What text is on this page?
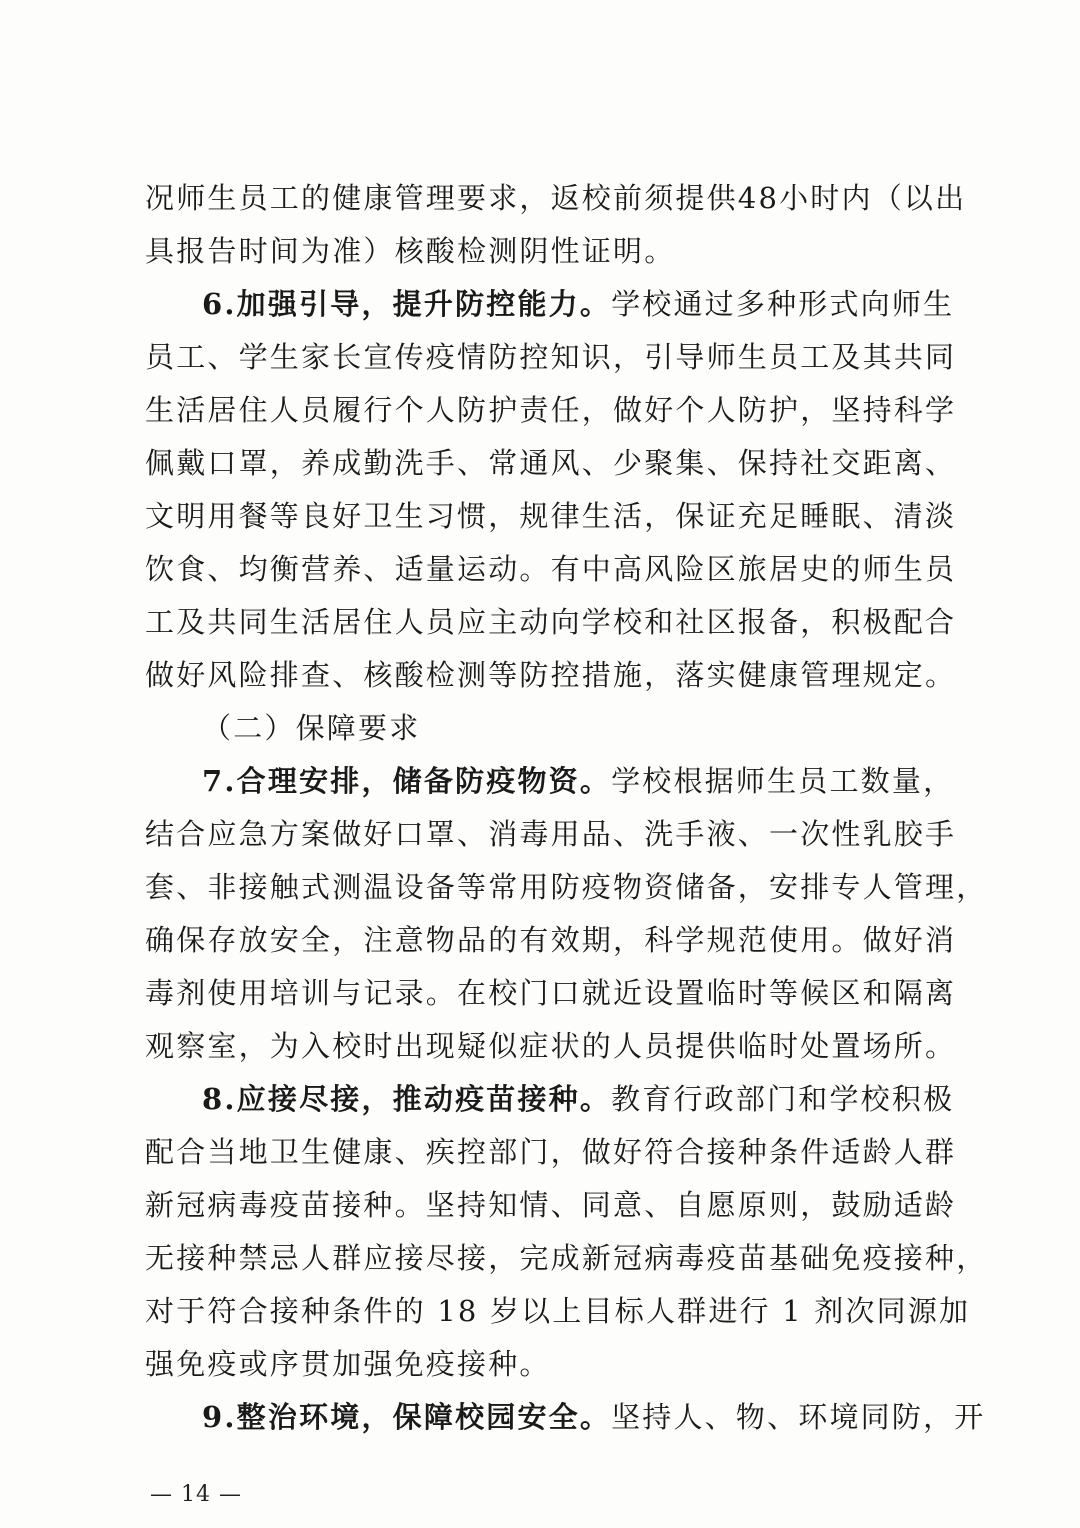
况师生员工的健康管理要求，返校前须提供48小时内（以出
具报告时间为准）核酸检测阴性证明。
6.加强引导，提升防控能力。学校通过多种形式向师生
员工、学生家长宣传疫情防控知识，引导师生员工及其共同
生活居住人员履行个人防护责任，做好个人防护，坚持科学
佩戴口罩，养成勤洗手、常通风、少聚集、保持社交距离、
文明用餐等良好卫生习惯，规律生活，保证充足睡眠、清淡
饮食、均衡营养、适量运动。有中高风险区旅居史的师生员
工及共同生活居住人员应主动向学校和社区报备，积极配合
做好风险排查、核酸检测等防控措施，落实健康管理规定。
（二）保障要求
7.合理安排，储备防疫物资。学校根据师生员工数量，
结合应急方案做好口罩、消毒用品、洗手液、一次性乳胶手
套、非接触式测温设备等常用防疫物资储备，安排专人管理，
确保存放安全，注意物品的有效期，科学规范使用。做好消
毒剂使用培训与记录。在校门口就近设置临时等候区和隔离
观察室，为入校时出现疑似症状的人员提供临时处置场所。
8.应接尽接，推动疫苗接种。教育行政部门和学校积极
配合当地卫生健康、疾控部门，做好符合接种条件适龄人群
新冠病毒疫苗接种。坚持知情、同意、自愿原则，鼓励适龄
无接种禁忌人群应接尽接，完成新冠病毒疫苗基础免疫接种，
对于符合接种条件的 18 岁以上目标人群进行 1 剂次同源加
强免疫或序贯加强免疫接种。
9.整治环境，保障校园安全。坚持人、物、环境同防，开
— 14 —
